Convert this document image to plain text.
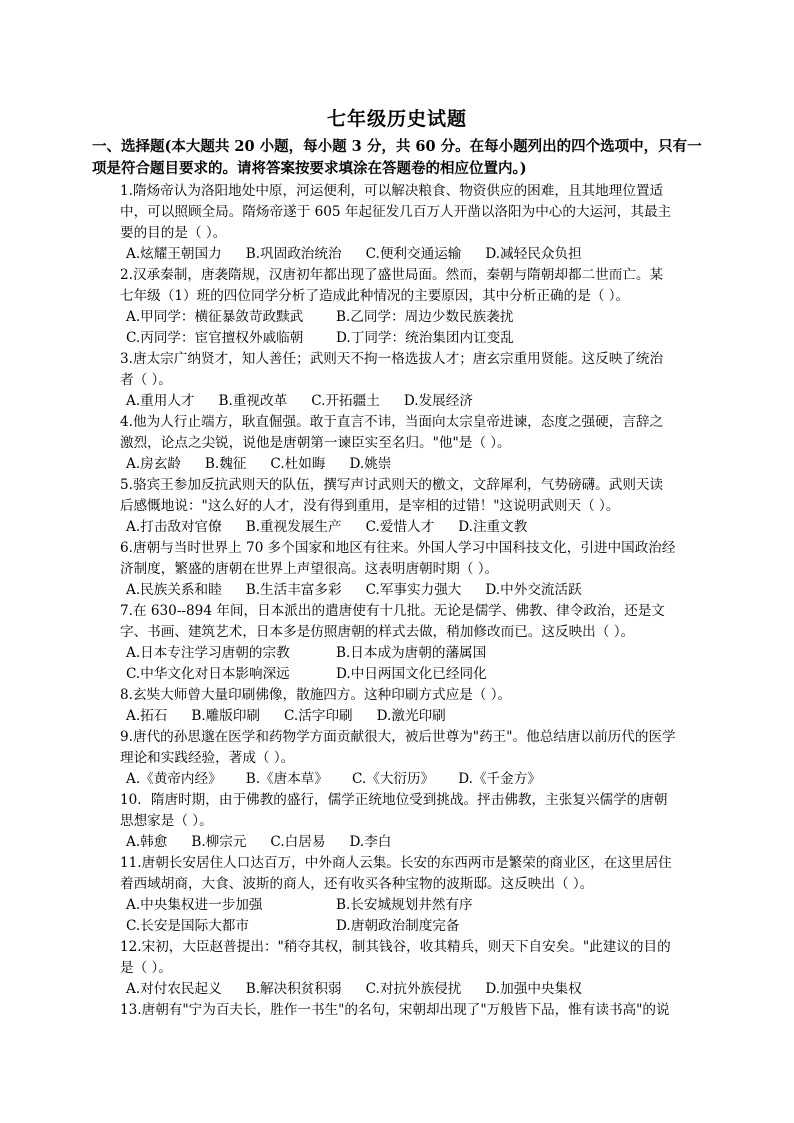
七年级历史试题
一、选择题(本大题共 20 小题，每小题 3 分，共 60 分。在每小题列出的四个选项中，只有一项是符合题目要求的。请将答案按要求填涂在答题卷的相应位置内。)
1.隋炀帝认为洛阳地处中原，河运便利，可以解决粮食、物资供应的困难，且其地理位置适中，可以照顾全局。隋炀帝遂于 605 年起征发几百万人开凿以洛阳为中心的大运河，其最主要的目的是（ ）。
A.炫耀王朝国力 B.巩固政治统治 C.便利交通运输 D.减轻民众负担
2.汉承秦制，唐袭隋规，汉唐初年都出现了盛世局面。然而，秦朝与隋朝却都二世而亡。某七年级（1）班的四位同学分析了造成此种情况的主要原因，其中分析正确的是（ ）。
A.甲同学：横征暴敛苛政黩武	B.乙同学：周边少数民族袭扰
C.丙同学：宦官擅权外戚临朝	D.丁同学：统治集团内讧变乱
3.唐太宗广纳贤才，知人善任；武则天不拘一格选拔人才；唐玄宗重用贤能。这反映了统治者（ ）。
A.重用人才 B.重视改革 C.开拓疆土 D.发展经济
4.他为人行止端方，耿直倔强。敢于直言不讳，当面向太宗皇帝进谏，态度之强硬，言辞之激烈，论点之尖锐，说他是唐朝第一谏臣实至名归。"他"是（ ）。
A.房玄龄 B.魏征 C.杜如晦 D.姚崇
5.骆宾王参加反抗武则天的队伍，撰写声讨武则天的檄文，文辞犀利，气势磅礴。武则天读后感慨地说："这么好的人才，没有得到重用，是宰相的过错！"这说明武则天（ ）。
A.打击敌对官僚 B.重视发展生产 C.爱惜人才 D.注重文教
6.唐朝与当时世界上 70 多个国家和地区有往来。外国人学习中国科技文化，引进中国政治经济制度，繁盛的唐朝在世界上声望很高。这表明唐朝时期（ ）。
A.民族关系和睦 B.生活丰富多彩 C.军事实力强大 D.中外交流活跃
7.在 630--894 年间，日本派出的遣唐使有十几批。无论是儒学、佛教、律令政治，还是文字、书画、建筑艺术，日本多是仿照唐朝的样式去做，稍加修改而已。这反映出（ ）。
A.日本专注学习唐朝的宗教	B.日本成为唐朝的藩属国
C.中华文化对日本影响深远	D.中日两国文化已经同化
8.玄奘大师曾大量印刷佛像，散施四方。这种印刷方式应是（ ）。
A.拓石 B.雕版印刷 C.活字印刷 D.激光印刷
9.唐代的孙思邈在医学和药物学方面贡献很大，被后世尊为"药王"。他总结唐以前历代的医学理论和实践经验，著成（ ）。
A.《黄帝内经》 B.《唐本草》 C.《大衍历》 D.《千金方》
10．隋唐时期，由于佛教的盛行，儒学正统地位受到挑战。抨击佛教，主张复兴儒学的唐朝思想家是（ ）。
A.韩愈 B.柳宗元 C.白居易 D.李白
11.唐朝长安居住人口达百万，中外商人云集。长安的东西两市是繁荣的商业区，在这里居住着西域胡商，大食、波斯的商人，还有收买各种宝物的波斯邸。这反映出（ ）。
A.中央集权进一步加强	B.长安城规划井然有序
C.长安是国际大都市	D.唐朝政治制度完备
12.宋初，大臣赵普提出："稍夺其权，制其钱谷，收其精兵，则天下自安矣。"此建议的目的是（ ）。
A.对付农民起义 B.解决积贫积弱 C.对抗外族侵扰 D.加强中央集权
13.唐朝有"宁为百夫长，胜作一书生"的名句，宋朝却出现了"万般皆下品，惟有读书高"的说
